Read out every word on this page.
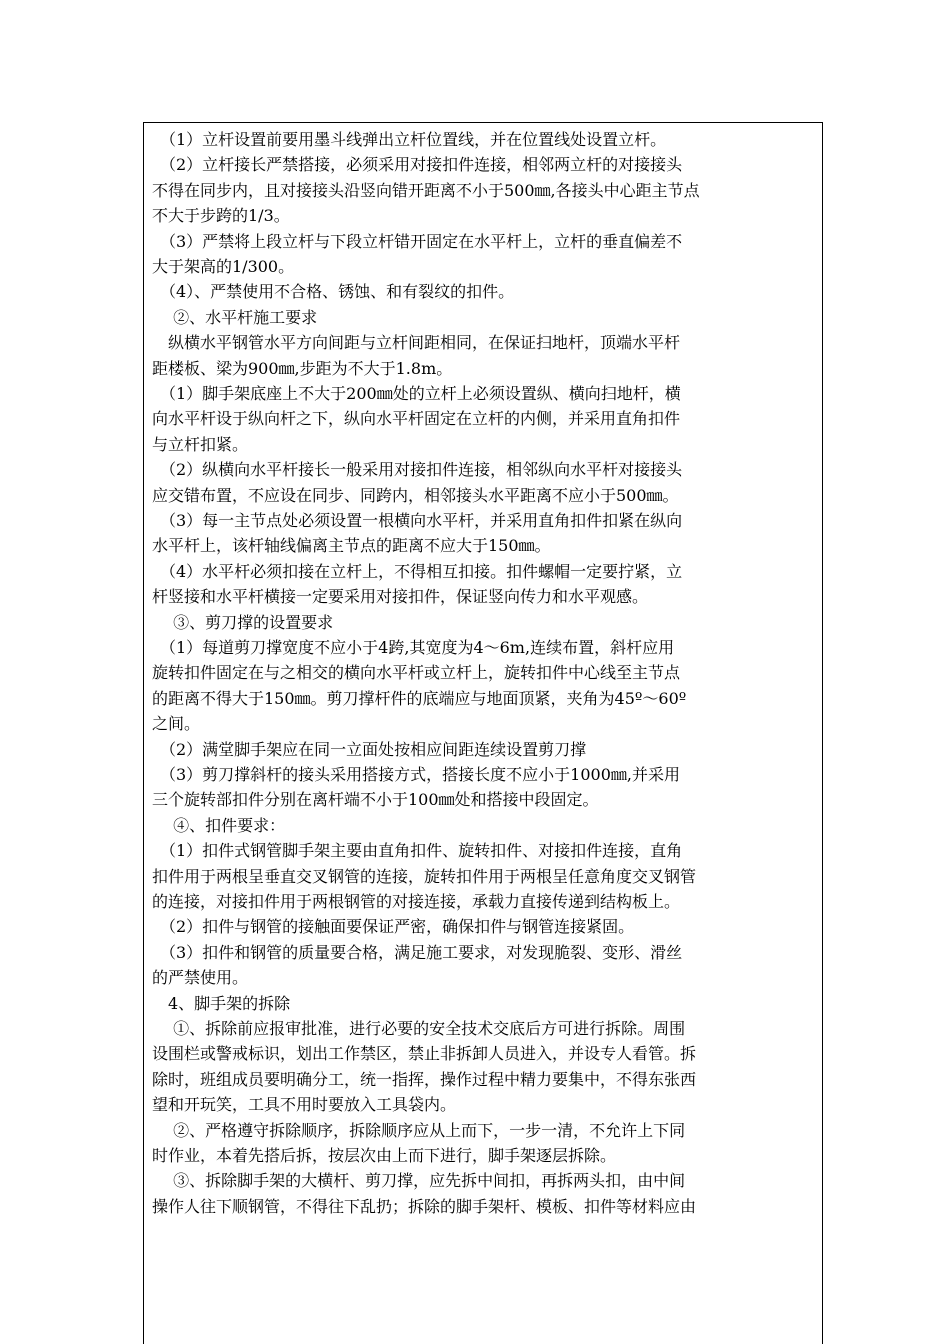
　（1）立杆设置前要用墨斗线弹出立杆位置线，并在位置线处设置立杆。
　（2）立杆接长严禁搭接，必须采用对接扣件连接，相邻两立杆的对接接头
不得在同步内，且对接接头沿竖向错开距离不小于500㎜,各接头中心距主节点
不大于步跨的1/3。
　（3）严禁将上段立杆与下段立杆错开固定在水平杆上，立杆的垂直偏差不
大于架高的1/300。
　（4）、严禁使用不合格、锈蚀、和有裂纹的扣件。
　 ②、水平杆施工要求
　纵横水平钢管水平方向间距与立杆间距相同，在保证扫地杆，顶端水平杆
距楼板、梁为900㎜,步距为不大于1.8m。
　（1）脚手架底座上不大于200㎜处的立杆上必须设置纵、横向扫地杆，横
向水平杆设于纵向杆之下，纵向水平杆固定在立杆的内侧，并采用直角扣件
与立杆扣紧。
　（2）纵横向水平杆接长一般采用对接扣件连接，相邻纵向水平杆对接接头
应交错布置，不应设在同步、同跨内，相邻接头水平距离不应小于500㎜。
　（3）每一主节点处必须设置一根横向水平杆，并采用直角扣件扣紧在纵向
水平杆上，该杆轴线偏离主节点的距离不应大于150㎜。
　（4）水平杆必须扣接在立杆上，不得相互扣接。扣件螺帽一定要拧紧，立
杆竖接和水平杆横接一定要采用对接扣件，保证竖向传力和水平观感。
　 ③、剪刀撑的设置要求
　（1）每道剪刀撑宽度不应小于4跨,其宽度为4～6m,连续布置，斜杆应用
旋转扣件固定在与之相交的横向水平杆或立杆上，旋转扣件中心线至主节点
的距离不得大于150㎜。剪刀撑杆件的底端应与地面顶紧，夹角为45º～60º
之间。
　（2）满堂脚手架应在同一立面处按相应间距连续设置剪刀撑
　（3）剪刀撑斜杆的接头采用搭接方式，搭接长度不应小于1000㎜,并采用
三个旋转部扣件分别在离杆端不小于100㎜处和搭接中段固定。
　 ④、扣件要求：
　（1）扣件式钢管脚手架主要由直角扣件、旋转扣件、对接扣件连接，直角
扣件用于两根呈垂直交叉钢管的连接，旋转扣件用于两根呈任意角度交叉钢管
的连接，对接扣件用于两根钢管的对接连接，承载力直接传递到结构板上。
　（2）扣件与钢管的接触面要保证严密，确保扣件与钢管连接紧固。
　（3）扣件和钢管的质量要合格，满足施工要求，对发现脆裂、变形、滑丝
的严禁使用。
　4、脚手架的拆除
　 ①、拆除前应报审批准，进行必要的安全技术交底后方可进行拆除。周围
设围栏或警戒标识，划出工作禁区，禁止非拆卸人员进入，并设专人看管。拆
除时，班组成员要明确分工，统一指挥，操作过程中精力要集中，不得东张西
望和开玩笑，工具不用时要放入工具袋内。
　 ②、严格遵守拆除顺序，拆除顺序应从上而下，一步一清，不允许上下同
时作业，本着先搭后拆，按层次由上而下进行，脚手架逐层拆除。
　 ③、拆除脚手架的大横杆、剪刀撑，应先拆中间扣，再拆两头扣，由中间
操作人往下顺钢管，不得往下乱扔；拆除的脚手架杆、模板、扣件等材料应由
